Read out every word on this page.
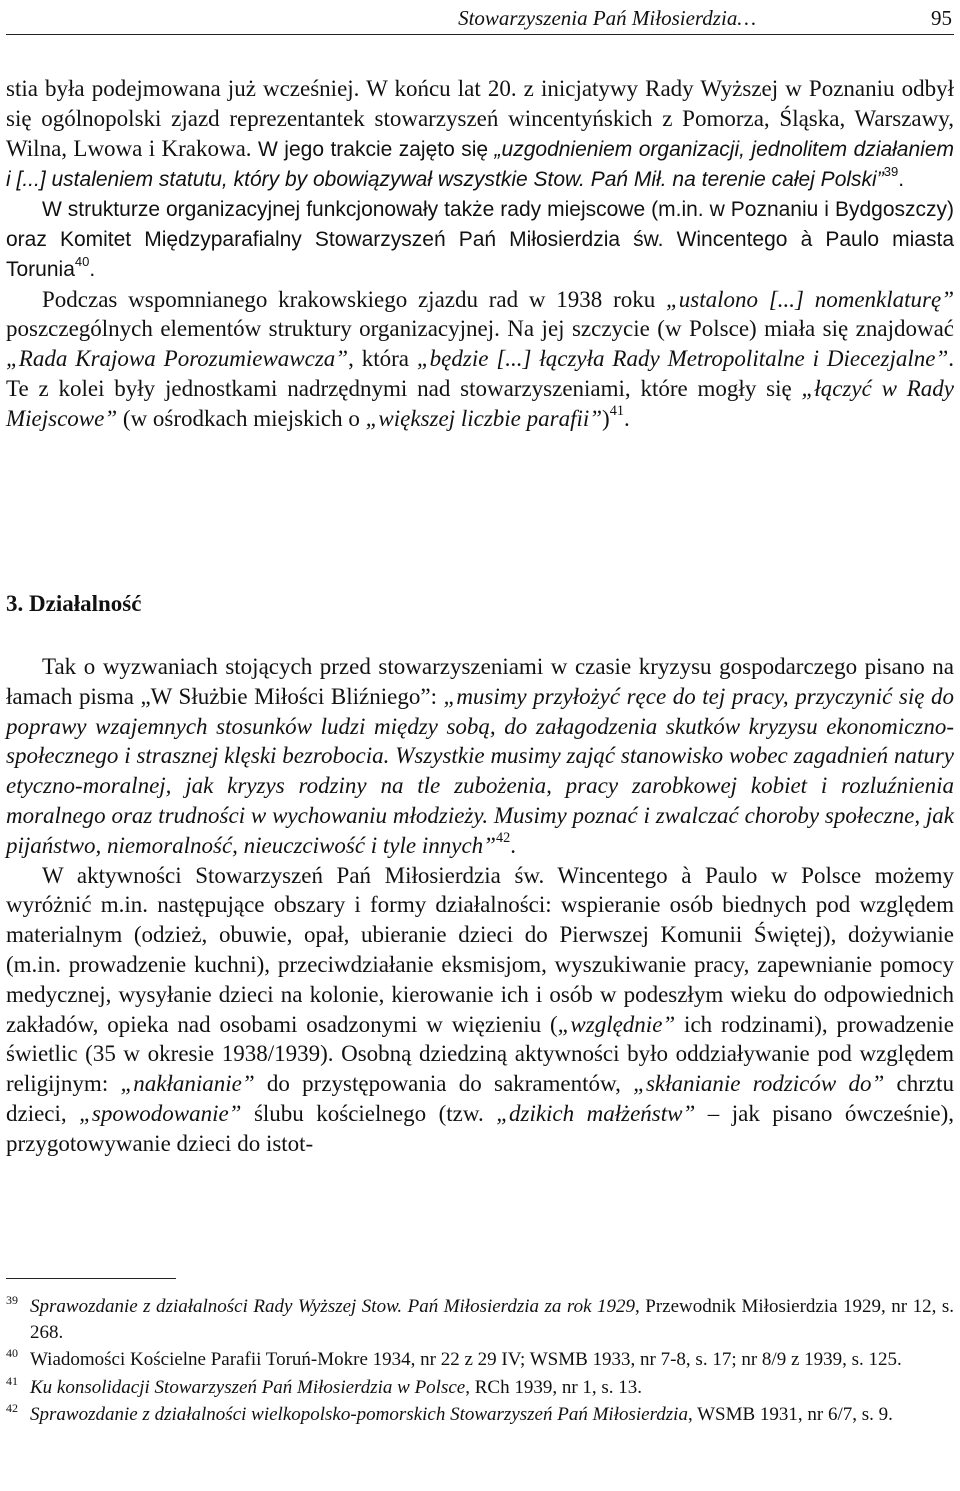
Stowarzyszenia Pań Miłosierdzia…	95

stia była podejmowana już wcześniej. W końcu lat 20. z inicjatywy Rady Wyższej w Poznaniu odbył się ogólnopolski zjazd reprezentantek stowarzyszeń wincentyńskich z Pomorza, Śląska, Warszawy, Wilna, Lwowa i Krakowa. W jego trakcie zajęto się „uzgodnieniem organizacji, jednolitem działaniem i [...] ustaleniem statutu, który by obowiązywał wszystkie Stow. Pań Mił. na terenie całej Polski”$^{39}$.

W strukturze organizacyjnej funkcjonowały także rady miejscowe (m.in. w Poznaniu i Bydgoszczy) oraz Komitet Międzyparafialny Stowarzyszeń Pań Miłosierdzia św. Wincentego à Paulo miasta Torunia$^{40}$.

Podczas wspomnianego krakowskiego zjazdu rad w 1938 roku „ustalono [...] nomenklaturę” poszczególnych elementów struktury organizacyjnej. Na jej szczycie (w Polsce) miała się znajdować „Rada Krajowa Porozumiewawcza”, która „będzie [...] łączyła Rady Metropolitalne i Diecezjalne”. Te z kolei były jednostkami nadrzędnymi nad stowarzyszeniami, które mogły się „łączyć w Rady Miejscowe” (w ośrodkach miejskich o „większej liczbie parafii”)$^{41}$.

3. Działalność

Tak o wyzwaniach stojących przed stowarzyszeniami w czasie kryzysu gospodarczego pisano na łamach pisma „W Służbie Miłości Bliźniego”: „musimy przyłożyć ręce do tej pracy, przyczynić się do poprawy wzajemnych stosunków ludzi między sobą, do załagodzenia skutków kryzysu ekonomiczno-społecznego i strasznej klęski bezrobocia. Wszystkie musimy zająć stanowisko wobec zagadnień natury etyczno-moralnej, jak kryzys rodziny na tle zubożenia, pracy zarobkowej kobiet i rozluźnienia moralnego oraz trudności w wychowaniu młodzieży. Musimy poznać i zwalczać choroby społeczne, jak pijaństwo, niemoralność, nieuczciwość i tyle innych”$^{42}$.

W aktywności Stowarzyszeń Pań Miłosierdzia św. Wincentego à Paulo w Polsce możemy wyróżnić m.in. następujące obszary i formy działalności: wspieranie osób biednych pod względem materialnym (odzież, obuwie, opał, ubieranie dzieci do Pierwszej Komunii Świętej), dożywianie (m.in. prowadzenie kuchni), przeciwdziałanie eksmisjom, wyszukiwanie pracy, zapewnianie pomocy medycznej, wysyłanie dzieci na kolonie, kierowanie ich i osób w podeszłym wieku do odpowiednich zakładów, opieka nad osobami osadzonymi w więzieniu („względnie” ich rodzinami), prowadzenie świetlic (35 w okresie 1938/1939). Osobną dziedziną aktywności było oddziaływanie pod względem religijnym: „nakłanianie” do przystępowania do sakramentów, „skłanianie rodziców do” chrztu dzieci, „spowodowanie” ślubu kościelnego (tzw. „dzikich małżeństw” – jak pisano ówcześnie), przygotowywanie dzieci do istot-

39 Sprawozdanie z działalności Rady Wyższej Stow. Pań Miłosierdzia za rok 1929, Przewodnik Miłosierdzia 1929, nr 12, s. 268.

40 Wiadomości Kościelne Parafii Toruń-Mokre 1934, nr 22 z 29 IV; WSMB 1933, nr 7-8, s. 17; nr 8/9 z 1939, s. 125.

41 Ku konsolidacji Stowarzyszeń Pań Miłosierdzia w Polsce, RCh 1939, nr 1, s. 13.

42 Sprawozdanie z działalności wielkopolsko-pomorskich Stowarzyszeń Pań Miłosierdzia, WSMB 1931, nr 6/7, s. 9.
